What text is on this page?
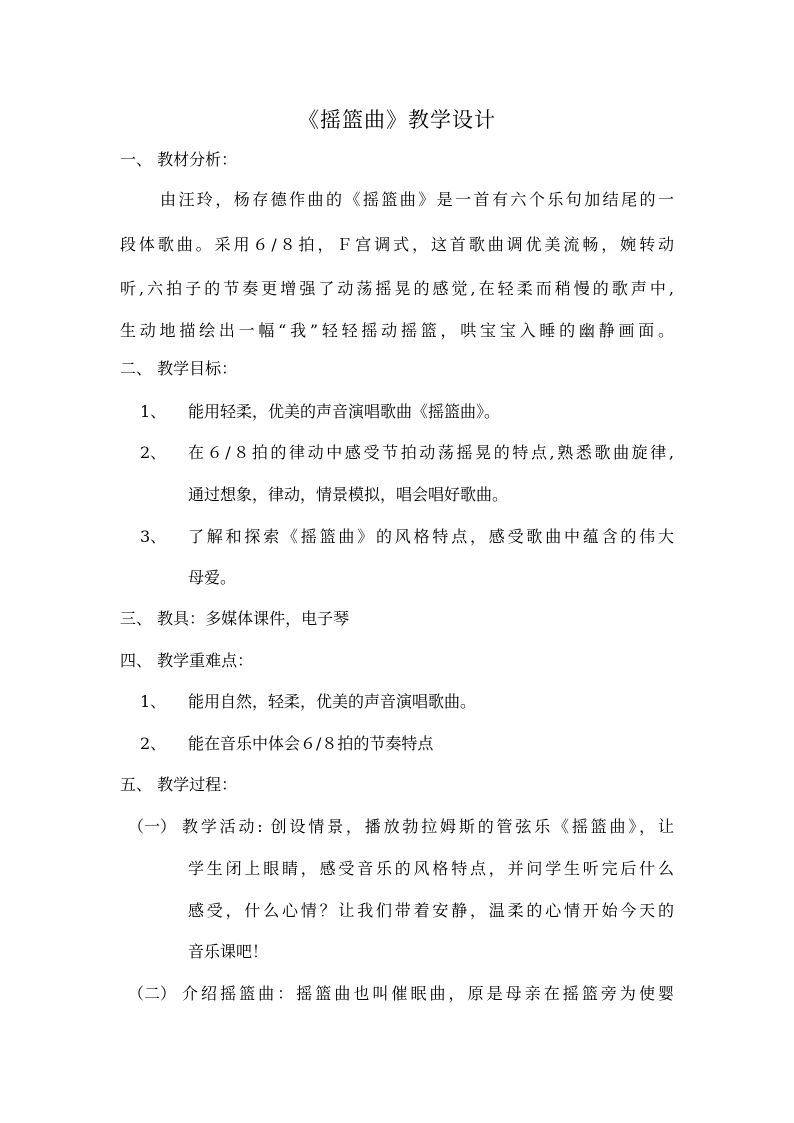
《摇篮曲》教学设计
一、 教材分析：
由汪玲，杨存德作曲的《摇篮曲》是一首有六个乐句加结尾的一
段体歌曲。采用６/８拍，Ｆ宫调式，这首歌曲调优美流畅，婉转动
听,六拍子的节奏更增强了动荡摇晃的感觉,在轻柔而稍慢的歌声中,
生动地描绘出一幅“我”轻轻摇动摇篮，哄宝宝入睡的幽静画面。
二、 教学目标：
1、 能用轻柔，优美的声音演唱歌曲《摇篮曲》。
2、 在６/８拍的律动中感受节拍动荡摇晃的特点,熟悉歌曲旋律,
通过想象，律动，情景模拟，唱会唱好歌曲。
3、 了解和探索《摇篮曲》的风格特点，感受歌曲中蕴含的伟大
母爱。
三、 教具：多媒体课件，电子琴
四、 教学重难点：
1、 能用自然，轻柔，优美的声音演唱歌曲。
2、 能在音乐中体会６/８拍的节奏特点
五、 教学过程：
（一） 教学活动: 创设情景，播放勃拉姆斯的管弦乐《摇篮曲》，让
学生闭上眼睛，感受音乐的风格特点，并问学生听完后什么
感受，什么心情？让我们带着安静，温柔的心情开始今天的
音乐课吧！
（二） 介绍摇篮曲：摇篮曲也叫催眠曲，原是母亲在摇篮旁为使婴
